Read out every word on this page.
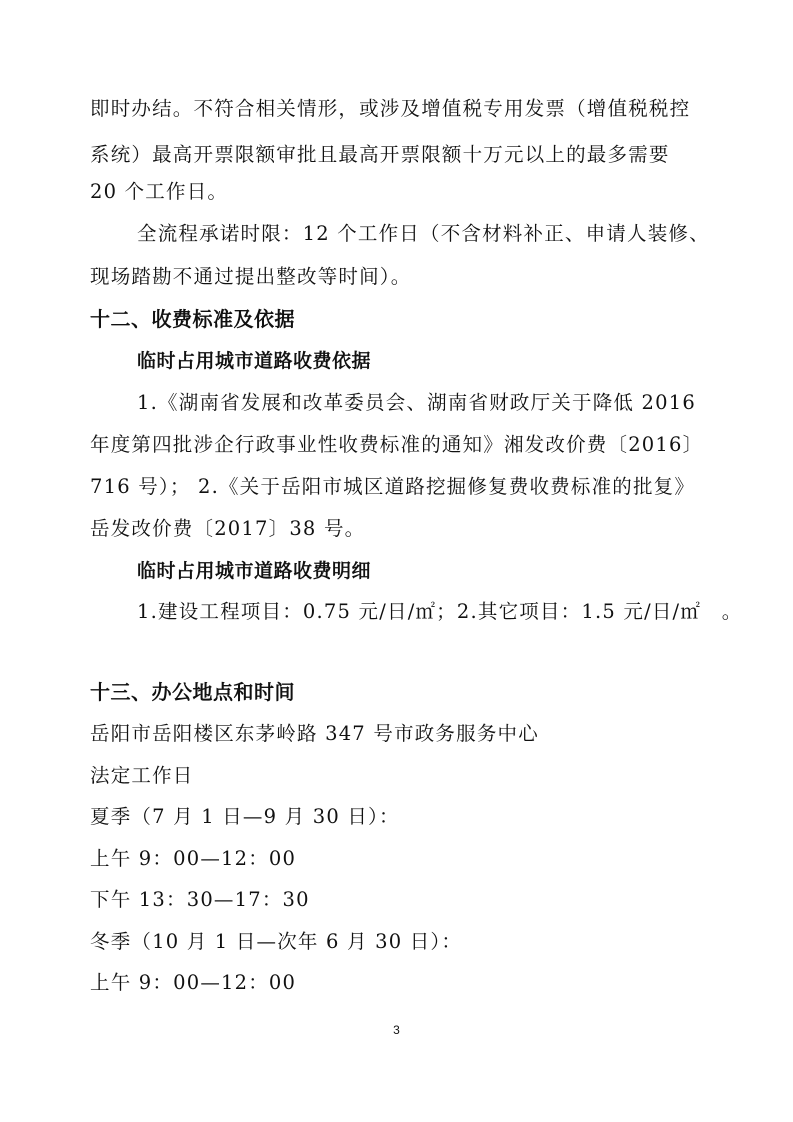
即时办结。不符合相关情形，或涉及增值税专用发票（增值税税控
系统）最高开票限额审批且最高开票限额十万元以上的最多需要
20 个工作日。
全流程承诺时限：12 个工作日（不含材料补正、申请人装修、
现场踏勘不通过提出整改等时间）。
十二、收费标准及依据
临时占用城市道路收费依据
1.《湖南省发展和改革委员会、湖南省财政厅关于降低 2016
年度第四批涉企行政事业性收费标准的通知》湘发改价费〔2016〕
716 号）； 2.《关于岳阳市城区道路挖掘修复费收费标准的批复》
岳发改价费〔2017〕38 号。
临时占用城市道路收费明细
1.建设工程项目：0.75 元/日/㎡；2.其它项目：1.5 元/日/㎡　。
十三、办公地点和时间
岳阳市岳阳楼区东茅岭路 347 号市政务服务中心
法定工作日
夏季（7 月 1 日—9 月 30 日）：
上午 9：00—12：00
下午 13：30—17：30
冬季（10 月 1 日—次年 6 月 30 日）：
上午 9：00—12：00
3
